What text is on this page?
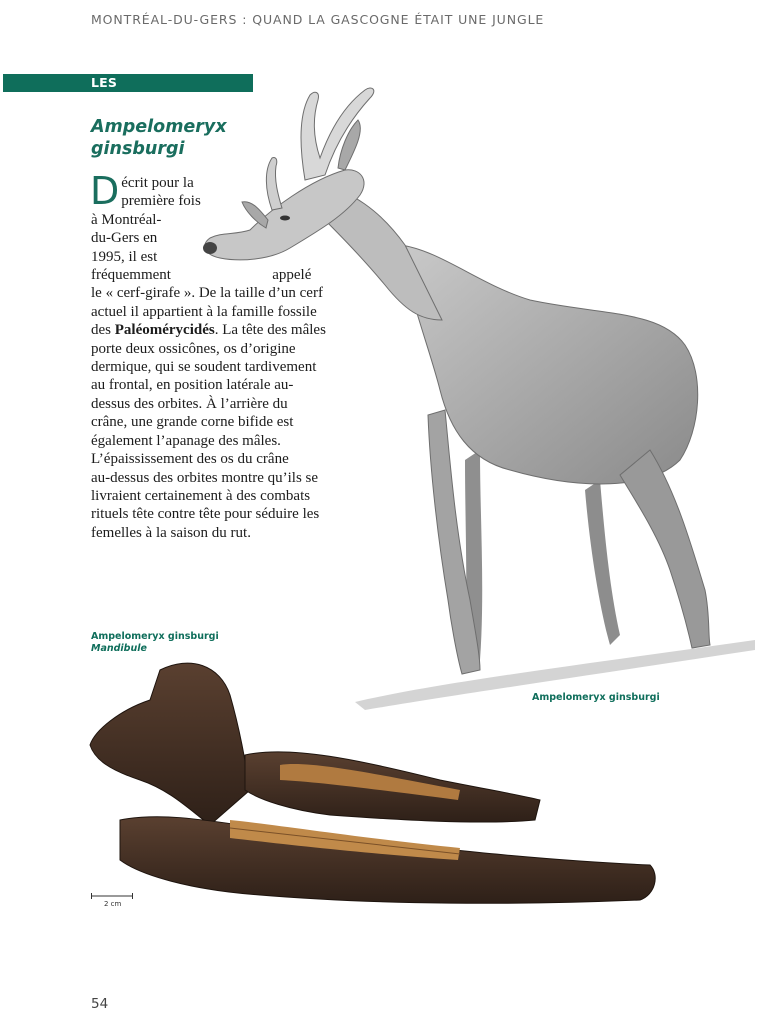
MONTRÉAL-DU-GERS : QUAND LA GASCOGNE ÉTAIT UNE JUNGLE
LES CÉTARTIODACTYLES
Ampelomeryx
ginsburgi
Décrit pour la
première fois
à Montréal-
du-Gers en
1995, il est
fréquemment                           appelé
le « cerf-girafe ». De la taille d’un cerf
actuel il appartient à la famille fossile
des Paléomérycidés. La tête des mâles
porte deux ossicônes, os d’origine
dermique, qui se soudent tardivement
au frontal, en position latérale au-
dessus des orbites. À l’arrière du
crâne, une grande corne bifide est
également l’apanage des mâles.
L’épaississement des os du crâne
au-dessus des orbites montre qu’ils se
livraient certainement à des combats
rituels tête contre tête pour séduire les
femelles à la saison du rut.
Ampelomeryx ginsburgi
Ampelomeryx ginsburgi
Mandibule
2 cm
54
